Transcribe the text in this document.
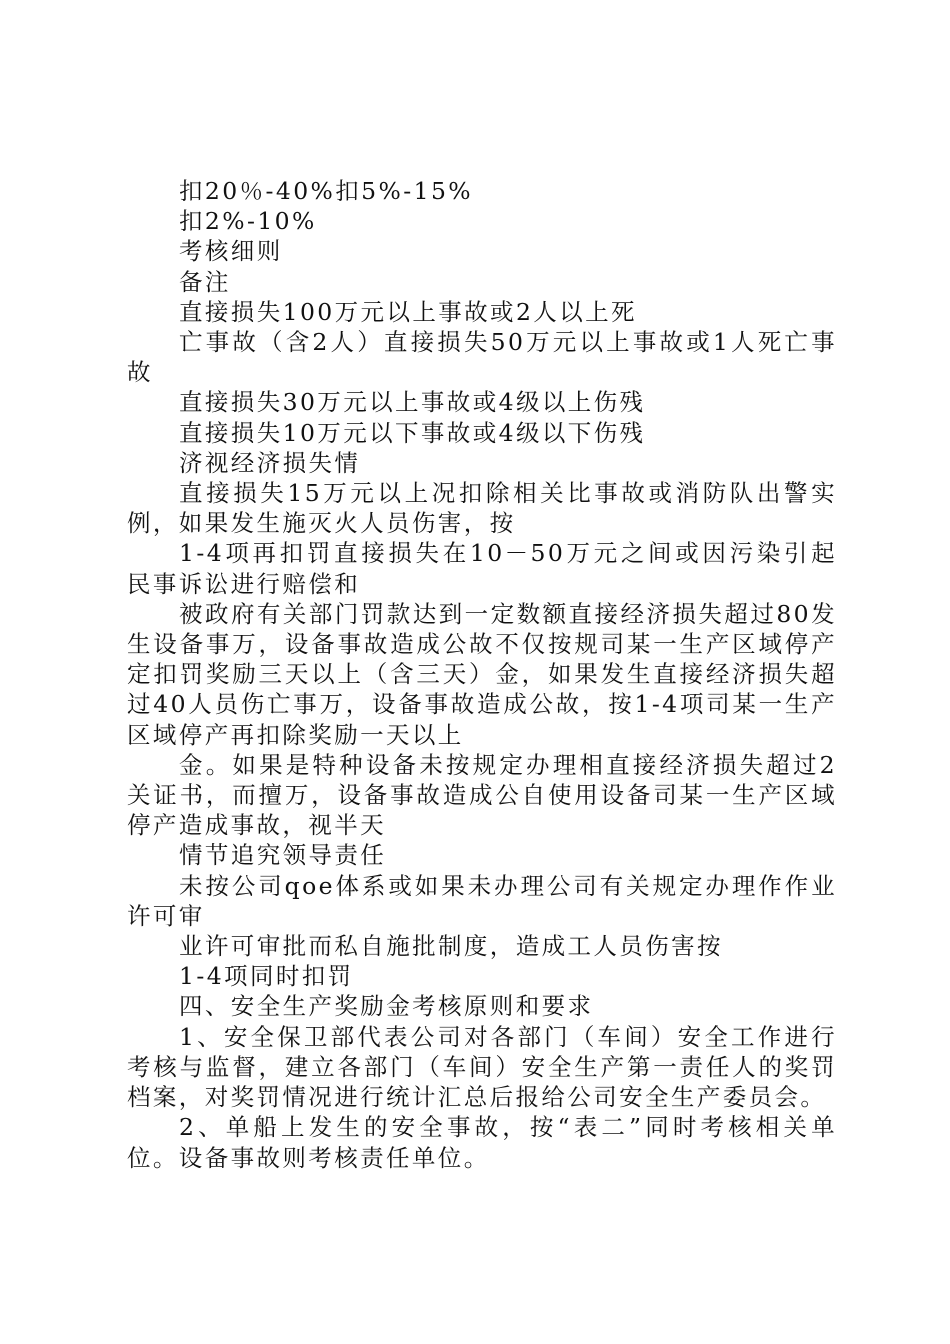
扣20％-40%扣5%-15%

扣2%-10%

考核细则

备注

直接损失100万元以上事故或2人以上死

亡事故（含2人）直接损失50万元以上事故或1人死亡事故

直接损失30万元以上事故或4级以上伤残

直接损失10万元以下事故或4级以下伤残

济视经济损失情

直接损失15万元以上况扣除相关比事故或消防队出警实例，如果发生施灭火人员伤害，按

1-4项再扣罚直接损失在10－50万元之间或因污染引起民事诉讼进行赔偿和

被政府有关部门罚款达到一定数额直接经济损失超过80发生设备事万，设备事故造成公故不仅按规司某一生产区域停产定扣罚奖励三天以上（含三天）金，如果发生直接经济损失超过40人员伤亡事万，设备事故造成公故，按1-4项司某一生产区域停产再扣除奖励一天以上

金。如果是特种设备未按规定办理相直接经济损失超过2关证书，而擅万，设备事故造成公自使用设备司某一生产区域停产造成事故，视半天

情节追究领导责任

未按公司qoe体系或如果未办理公司有关规定办理作作业许可审

业许可审批而私自施批制度，造成工人员伤害按

1-4项同时扣罚

四、安全生产奖励金考核原则和要求

1、安全保卫部代表公司对各部门（车间）安全工作进行考核与监督，建立各部门（车间）安全生产第一责任人的奖罚档案，对奖罚情况进行统计汇总后报给公司安全生产委员会。

2、单船上发生的安全事故，按“表二”同时考核相关单位。设备事故则考核责任单位。
